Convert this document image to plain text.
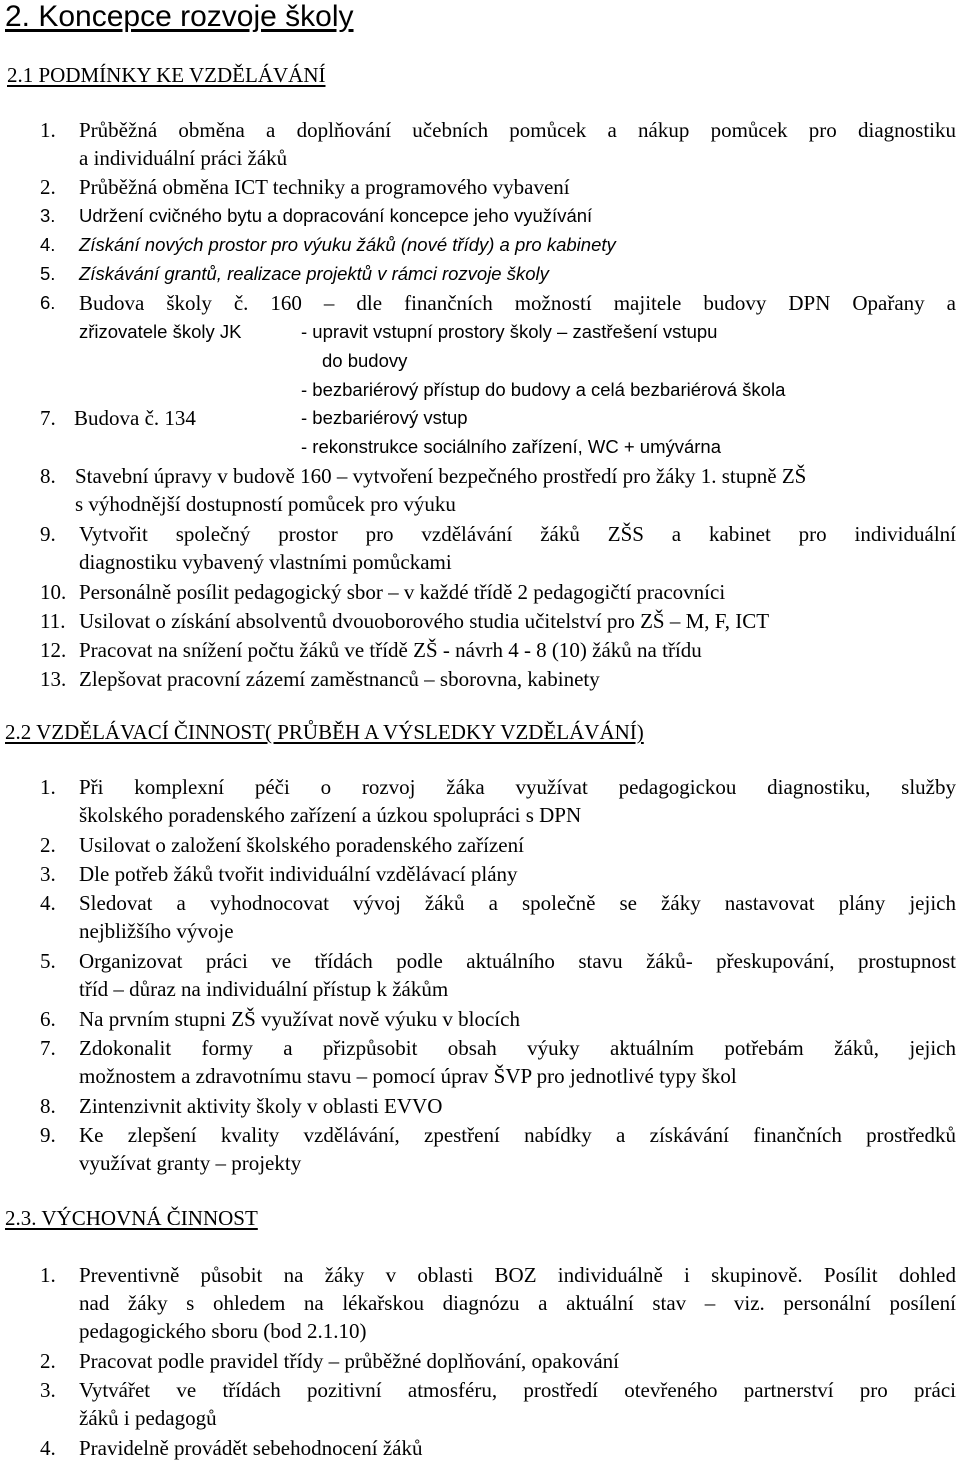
2. Koncepce rozvoje školy
2.1 PODMÍNKY KE VZDĚLÁVÁNÍ
1. Průběžná obměna a doplňování učebních pomůcek a nákup pomůcek pro diagnostiku
a individuální práci žáků
2. Průběžná obměna ICT techniky a programového vybavení
3. Udržení cvičného bytu a dopracování koncepce jeho využívání
4. Získání nových prostor pro výuku žáků (nové třídy) a pro kabinety
5. Získávání grantů, realizace projektů v rámci rozvoje školy
6. Budova školy č. 160 – dle finančních možností majitele budovy DPN Opařany a
zřizovatele školy JK	- upravit vstupní prostory školy – zastřešení vstupu
do budovy
- bezbariérový přístup do budovy a celá bezbariérová škola
7. Budova č. 134	- bezbariérový vstup
- rekonstrukce sociálního zařízení, WC + umývárna
8. Stavební úpravy v budově 160 – vytvoření bezpečného prostředí pro žáky 1. stupně ZŠ
s výhodnější dostupností pomůcek pro výuku
9. Vytvořit společný prostor pro vzdělávání žáků ZŠS a kabinet pro individuální
diagnostiku vybavený vlastními pomůckami
10. Personálně posílit pedagogický sbor – v každé třídě 2 pedagogičtí pracovníci
11. Usilovat o získání absolventů dvouoborového studia učitelství pro ZŠ – M, F, ICT
12. Pracovat na snížení počtu žáků ve třídě ZŠ - návrh 4 - 8 (10) žáků na třídu
13. Zlepšovat pracovní zázemí zaměstnanců – sborovna, kabinety
2.2 VZDĚLÁVACÍ ČINNOST( PRŮBĚH A VÝSLEDKY VZDĚLÁVÁNÍ)
1. Při komplexní péči o rozvoj žáka využívat pedagogickou diagnostiku, služby
školského poradenského zařízení a úzkou spolupráci s DPN
2. Usilovat o založení školského poradenského zařízení
3. Dle potřeb žáků tvořit individuální vzdělávací plány
4. Sledovat a vyhodnocovat vývoj žáků a společně se žáky nastavovat plány jejich
nejbližšího vývoje
5. Organizovat práci ve třídách podle aktuálního stavu žáků- přeskupování, prostupnost
tříd – důraz na individuální přístup k žákům
6. Na prvním stupni ZŠ využívat nově výuku v blocích
7. Zdokonalit formy a přizpůsobit obsah výuky aktuálním potřebám žáků, jejich
možnostem a zdravotnímu stavu – pomocí úprav ŠVP pro jednotlivé typy škol
8. Zintenzivnit aktivity školy v oblasti EVVO
9. Ke zlepšení kvality vzdělávání, zpestření nabídky a získávání finančních prostředků
využívat granty – projekty
2.3. VÝCHOVNÁ ČINNOST
1. Preventivně působit na žáky v oblasti BOZ individuálně i skupinově. Posílit dohled
nad žáky s ohledem na lékařskou diagnózu a aktuální stav – viz. personální posílení
pedagogického sboru (bod 2.1.10)
2. Pracovat podle pravidel třídy – průběžné doplňování, opakování
3. Vytvářet ve třídách pozitivní atmosféru, prostředí otevřeného partnerství pro práci
žáků i pedagogů
4. Pravidelně provádět sebehodnocení žáků
